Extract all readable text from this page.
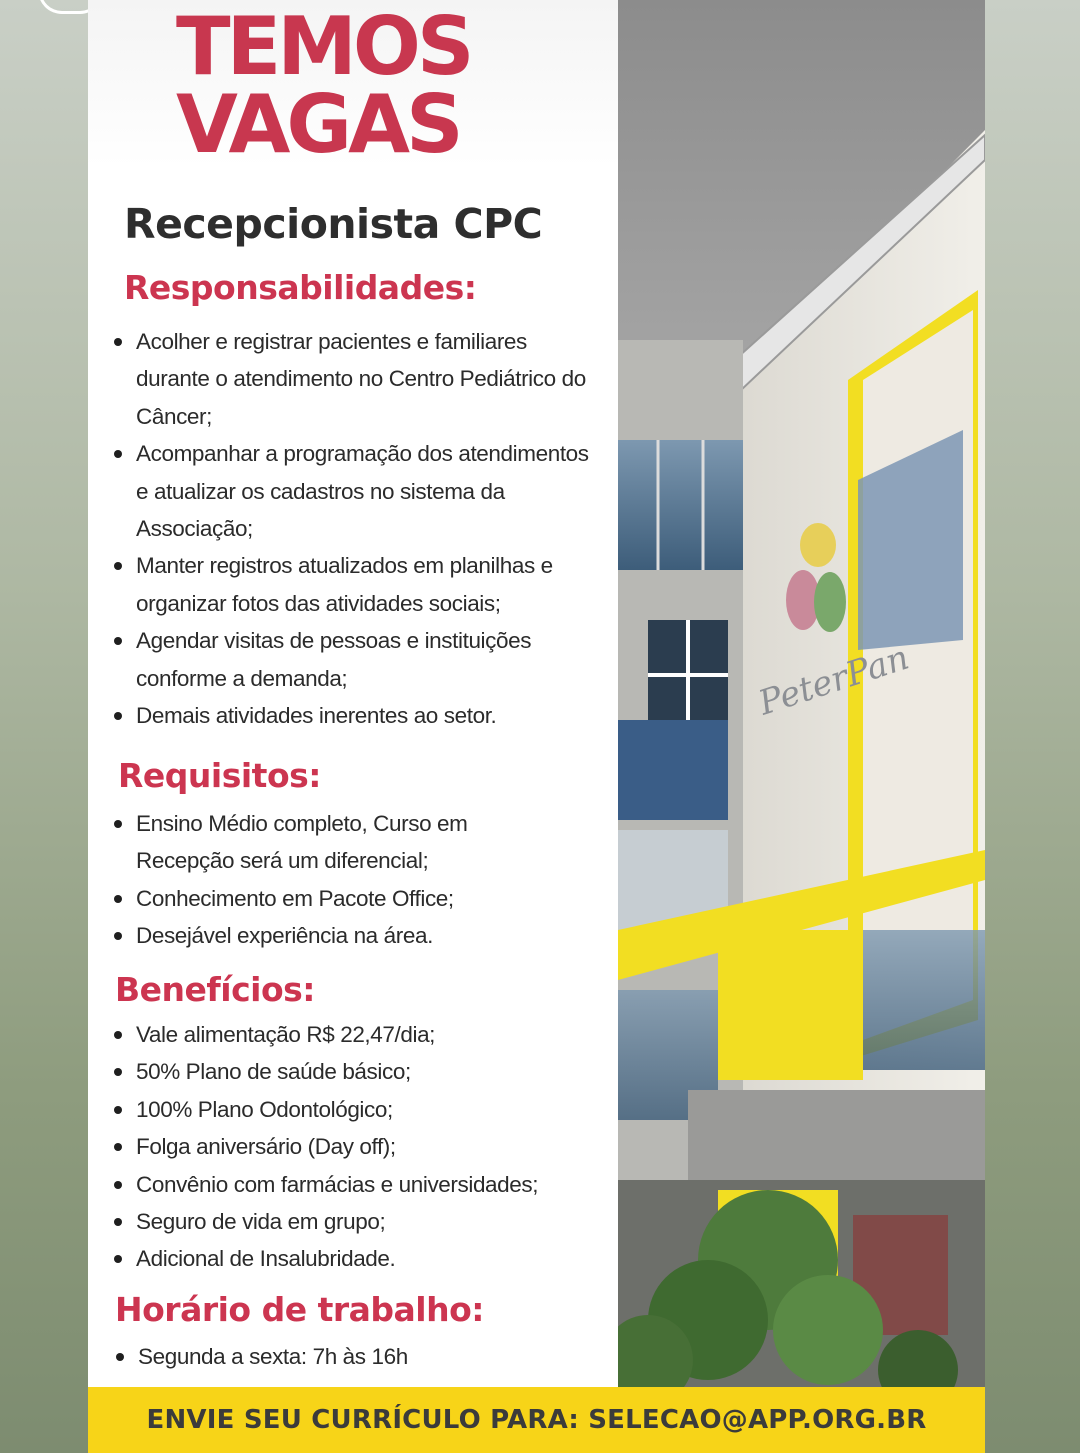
TEMOS
VAGAS
Recepcionista CPC
Responsabilidades:
Acolher e registrar pacientes e familiares durante o atendimento no Centro Pediátrico do Câncer;
Acompanhar a programação dos atendimentos e atualizar os cadastros no sistema da Associação;
Manter registros atualizados em planilhas e organizar fotos das atividades sociais;
Agendar visitas de pessoas e instituições conforme a demanda;
Demais atividades inerentes ao setor.
Requisitos:
Ensino Médio completo, Curso em Recepção será um diferencial;
Conhecimento em Pacote Office;
Desejável experiência na área.
Benefícios:
Vale alimentação R$ 22,47/dia;
50% Plano de saúde básico;
100% Plano Odontológico;
Folga aniversário (Day off);
Convênio com farmácias e universidades;
Seguro de vida em grupo;
Adicional de Insalubridade.
Horário de trabalho:
Segunda a sexta: 7h às 16h
PeterPan
ENVIE SEU CURRÍCULO PARA: SELECAO@APP.ORG.BR
